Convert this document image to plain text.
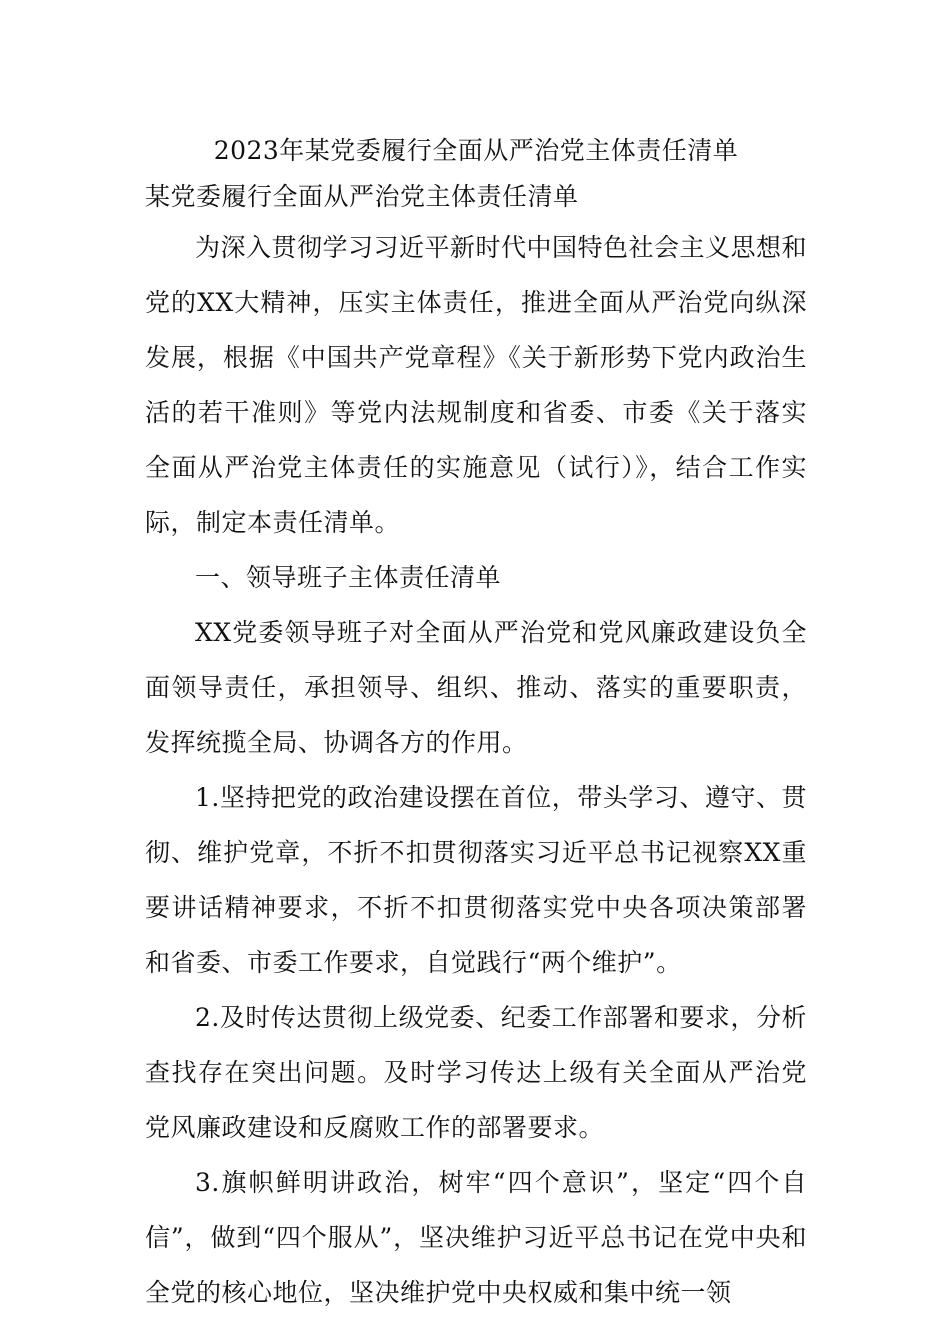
2023年某党委履行全面从严治党主体责任清单
某党委履行全面从严治党主体责任清单

为深入贯彻学习习近平新时代中国特色社会主义思想和党的XX大精神，压实主体责任，推进全面从严治党向纵深发展，根据《中国共产党章程》《关于新形势下党内政治生活的若干准则》等党内法规制度和省委、市委《关于落实全面从严治党主体责任的实施意见（试行）》，结合工作实际，制定本责任清单。

一、领导班子主体责任清单

XX党委领导班子对全面从严治党和党风廉政建设负全面领导责任，承担领导、组织、推动、落实的重要职责，发挥统揽全局、协调各方的作用。

1.坚持把党的政治建设摆在首位，带头学习、遵守、贯彻、维护党章，不折不扣贯彻落实习近平总书记视察XX重要讲话精神要求，不折不扣贯彻落实党中央各项决策部署和省委、市委工作要求，自觉践行“两个维护”。

2.及时传达贯彻上级党委、纪委工作部署和要求，分析查找存在突出问题。及时学习传达上级有关全面从严治党党风廉政建设和反腐败工作的部署要求。

3.旗帜鲜明讲政治，树牢“四个意识”，坚定“四个自信”，做到“四个服从”，坚决维护习近平总书记在党中央和全党的核心地位，坚决维护党中央权威和集中统一领
